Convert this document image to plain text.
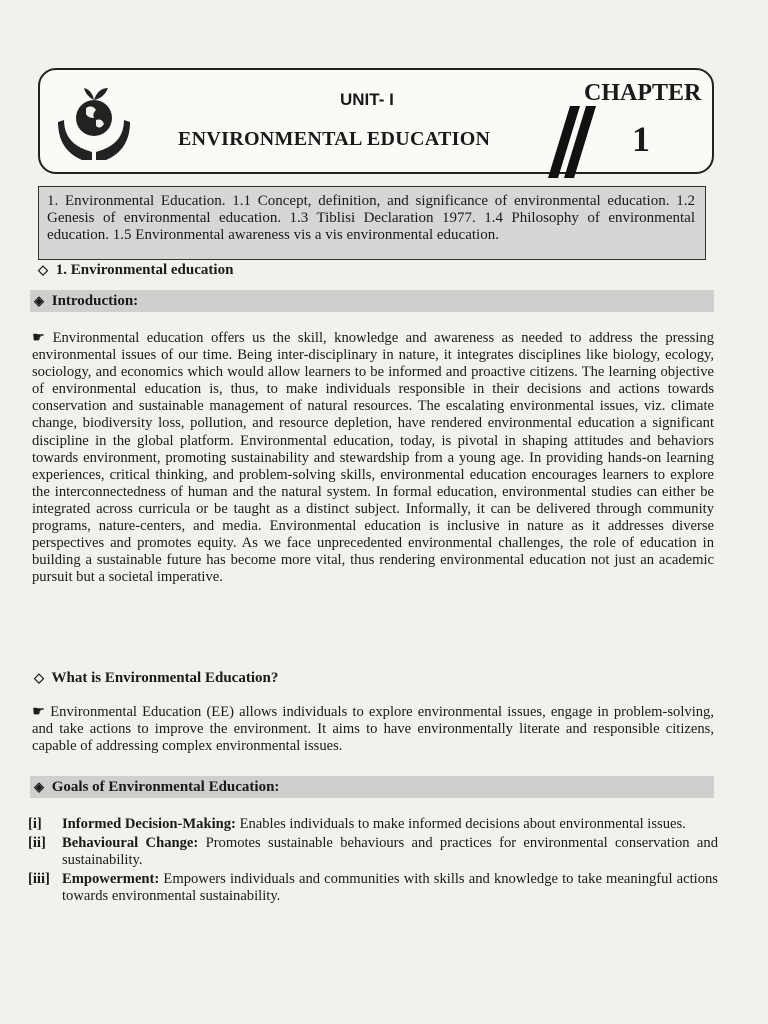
UNIT- I
ENVIRONMENTAL EDUCATION
CHAPTER
1

1. Environmental Education. 1.1 Concept, definition, and significance of environmental education. 1.2 Genesis of environmental education. 1.3 Tiblisi Declaration 1977. 1.4 Philosophy of environmental education. 1.5 Environmental awareness vis a vis environmental education.

◇ 1. Environmental education
◈ Introduction:

☛ Environmental education offers us the skill, knowledge and awareness as needed to address the pressing environmental issues of our time. Being inter-disciplinary in nature, it integrates disciplines like biology, ecology, sociology, and economics which would allow learners to be informed and proactive citizens. The learning objective of environmental education is, thus, to make individuals responsible in their decisions and actions towards conservation and sustainable management of natural resources. The escalating environmental issues, viz. climate change, biodiversity loss, pollution, and resource depletion, have rendered environmental education a significant discipline in the global platform. Environmental education, today, is pivotal in shaping attitudes and behaviors towards environment, promoting sustainability and stewardship from a young age. In providing hands-on learning experiences, critical thinking, and problem-solving skills, environmental education encourages learners to explore the interconnectedness of human and the natural system. In formal education, environmental studies can either be integrated across curricula or be taught as a distinct subject. Informally, it can be delivered through community programs, nature-centers, and media. Environmental education is inclusive in nature as it addresses diverse perspectives and promotes equity. As we face unprecedented environmental challenges, the role of education in building a sustainable future has become more vital, thus rendering environmental education not just an academic pursuit but a societal imperative.

◇ What is Environmental Education?

☛ Environmental Education (EE) allows individuals to explore environmental issues, engage in problem-solving, and take actions to improve the environment. It aims to have environmentally literate and responsible citizens, capable of addressing complex environmental issues.

◈ Goals of Environmental Education:
[i]	Informed Decision-Making: Enables individuals to make informed decisions about environmental issues.
[ii]	Behavioural Change: Promotes sustainable behaviours and practices for environmental conservation and sustainability.
[iii] Empowerment: Empowers individuals and communities with skills and knowledge to take meaningful actions towards environmental sustainability.
